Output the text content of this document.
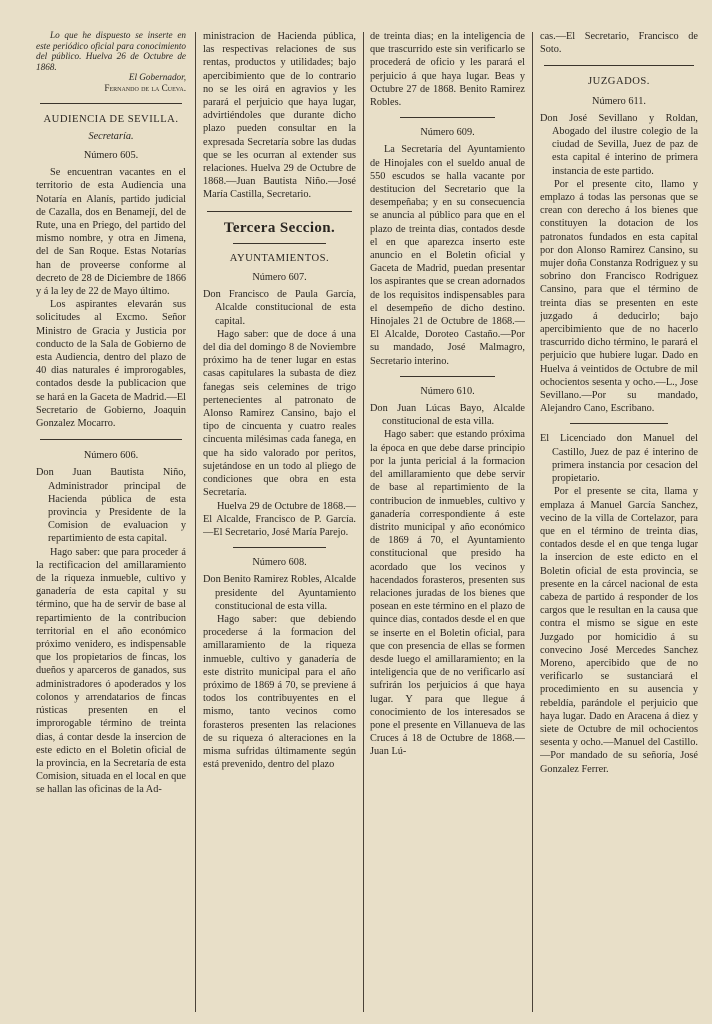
Lo que he dispuesto se inserte en este periódico oficial para conocimiento del público. Huelva 26 de Octubre de 1868.

El Gobernador,

Fernando de la Cueva.

AUDIENCIA DE SEVILLA.
Secretaría.
Número 605.

Se encuentran vacantes en el territorio de esta Audiencia una Notaría en Alanís, partido judicial de Cazalla, dos en Benamejí, del de Rute, una en Priego, del partido del mismo nombre, y otra en Jimena, del de San Roque. Estas Notarías han de proveerse conforme al decreto de 28 de Diciembre de 1866 y á la ley de 22 de Mayo último.

Los aspirantes elevarán sus solicitudes al Excmo. Señor Ministro de Gracia y Justicia por conducto de la Sala de Gobierno de esta Audiencia, dentro del plazo de 40 dias naturales é improrogables, contados desde la publicacion que se hará en la Gaceta de Madrid.—El Secretario de Gobierno, Joaquin Gonzalez Mocarro.

Número 606.

Don Juan Bautista Niño, Administrador principal de Hacienda pública de esta provincia y Presidente de la Comision de evaluacion y repartimiento de esta capital.

Hago saber: que para proceder á la rectificacion del amillaramiento de la riqueza inmueble, cultivo y ganadería de esta capital y su término, que ha de servir de base al repartimiento de la contribucion territorial en el año económico próximo venidero, es indispensable que los propietarios de fincas, los dueños y aparceros de ganados, sus administradores ó apoderados y los colonos y arrendatarios de fincas rústicas presenten en el improrogable término de treinta dias, á contar desde la insercion de este edicto en el Boletin oficial de la provincia, en la Secretaría de esta Comision, situada en el local en que se hallan las oficinas de la Ad-

ministracion de Hacienda pública, las respectivas relaciones de sus rentas, productos y utilidades; bajo apercibimiento que de lo contrario no se les oirá en agravios y les parará el perjuicio que haya lugar, advirtiéndoles que durante dicho plazo pueden consultar en la expresada Secretaría sobre las dudas que se les ocurran al extender sus relaciones. Huelva 29 de Octubre de 1868.—Juan Bautista Niño.—José María Castilla, Secretario.

Tercera Seccion.
AYUNTAMIENTOS.
Número 607.

Don Francisco de Paula García, Alcalde constitucional de esta capital.

Hago saber: que de doce á una del dia del domingo 8 de Noviembre próximo ha de tener lugar en estas casas capitulares la subasta de diez fanegas seis celemines de trigo pertenecientes al patronato de Alonso Ramirez Cansino, bajo el tipo de cincuenta y cuatro reales cincuenta milésimas cada fanega, en que ha sido valorado por peritos, sujetándose en un todo al pliego de condiciones que obra en esta Secretaría.

Huelva 29 de Octubre de 1868.—El Alcalde, Francisco de P. García.—El Secretario, José María Parejo.

Número 608.

Don Benito Ramirez Robles, Alcalde presidente del Ayuntamiento constitucional de esta villa.

Hago saber: que debiendo procederse á la formacion del amillaramiento de la riqueza inmueble, cultivo y ganadería de este distrito municipal para el año próximo de 1869 á 70, se previene á todos los contribuyentes en el mismo, tanto vecinos como forasteros presenten las relaciones de su riqueza ó alteraciones en la misma sufridas últimamente según está prevenido, dentro del plazo

de treinta dias; en la inteligencia de que trascurrido este sin verificarlo se procederá de oficio y les parará el perjuicio á que haya lugar. Beas y Octubre 27 de 1868. Benito Ramirez Robles.

Número 609.

La Secretaría del Ayuntamiento de Hinojales con el sueldo anual de 550 escudos se halla vacante por destitucion del Secretario que la desempeñaba; y en su consecuencia se anuncia al público para que en el plazo de treinta dias, contados desde el en que aparezca inserto este anuncio en el Boletin oficial y Gaceta de Madrid, puedan presentar los aspirantes que se crean adornados de los requisitos indispensables para el desempeño de dicho destino. Hinojales 21 de Octubre de 1868.—El Alcalde, Doroteo Castaño.—Por su mandado, José Malmagro, Secretario interino.

Número 610.

Don Juan Lúcas Bayo, Alcalde constitucional de esta villa.

Hago saber: que estando próxima la época en que debe darse principio por la junta pericial á la formacion del amillaramiento que debe servir de base al repartimiento de la contribucion de inmuebles, cultivo y ganadería correspondiente á este distrito municipal y año económico de 1869 á 70, el Ayuntamiento constitucional que presido ha acordado que los vecinos y hacendados forasteros, presenten sus relaciones juradas de los bienes que posean en este término en el plazo de quince dias, contados desde el en que se inserte en el Boletin oficial, para que con presencia de ellas se formen desde luego el amillaramiento; en la inteligencia que de no verificarlo así sufrirán los perjuicios á que haya lugar. Y para que llegue á conocimiento de los interesados se pone el presente en Villanueva de las Cruces á 18 de Octubre de 1868.—Juan Lú-

cas.—El Secretario, Francisco de Soto.

JUZGADOS.
Número 611.

Don José Sevillano y Roldan, Abogado del ilustre colegio de la ciudad de Sevilla, Juez de paz de esta capital é interino de primera instancia de este partido.

Por el presente cito, llamo y emplazo á todas las personas que se crean con derecho á los bienes que constituyen la dotacion de los patronatos fundados en esta capital por don Alonso Ramirez Cansino, su mujer doña Constanza Rodriguez y su sobrino don Francisco Rodriguez Cansino, para que el término de treinta dias se presenten en este juzgado á deducirlo; bajo apercibimiento que de no hacerlo trascurrido dicho término, le parará el perjuicio que hubiere lugar. Dado en Huelva á veintidos de Octubre de mil ochocientos sesenta y ocho.—L., Jose Sevillano.—Por su mandado, Alejandro Cano, Escribano.

El Licenciado don Manuel del Castillo, Juez de paz é interino de primera instancia por cesacion del propietario.

Por el presente se cita, llama y emplaza á Manuel García Sanchez, vecino de la villa de Cortelazor, para que en el término de treinta dias, contados desde el en que tenga lugar la insercion de este edicto en el Boletin oficial de esta provincia, se presente en la cárcel nacional de esta cabeza de partido á responder de los cargos que le resultan en la causa que contra el mismo se sigue en este Juzgado por homicidio á su convecino José Mercedes Sanchez Moreno, apercibido que de no verificarlo se sustanciará el procedimiento en su ausencia y rebeldía, parándole el perjuicio que haya lugar. Dado en Aracena á diez y siete de Octubre de mil ochocientos sesenta y ocho.—Manuel del Castillo.—Por mandado de su señoría, José Gonzalez Ferrer.
